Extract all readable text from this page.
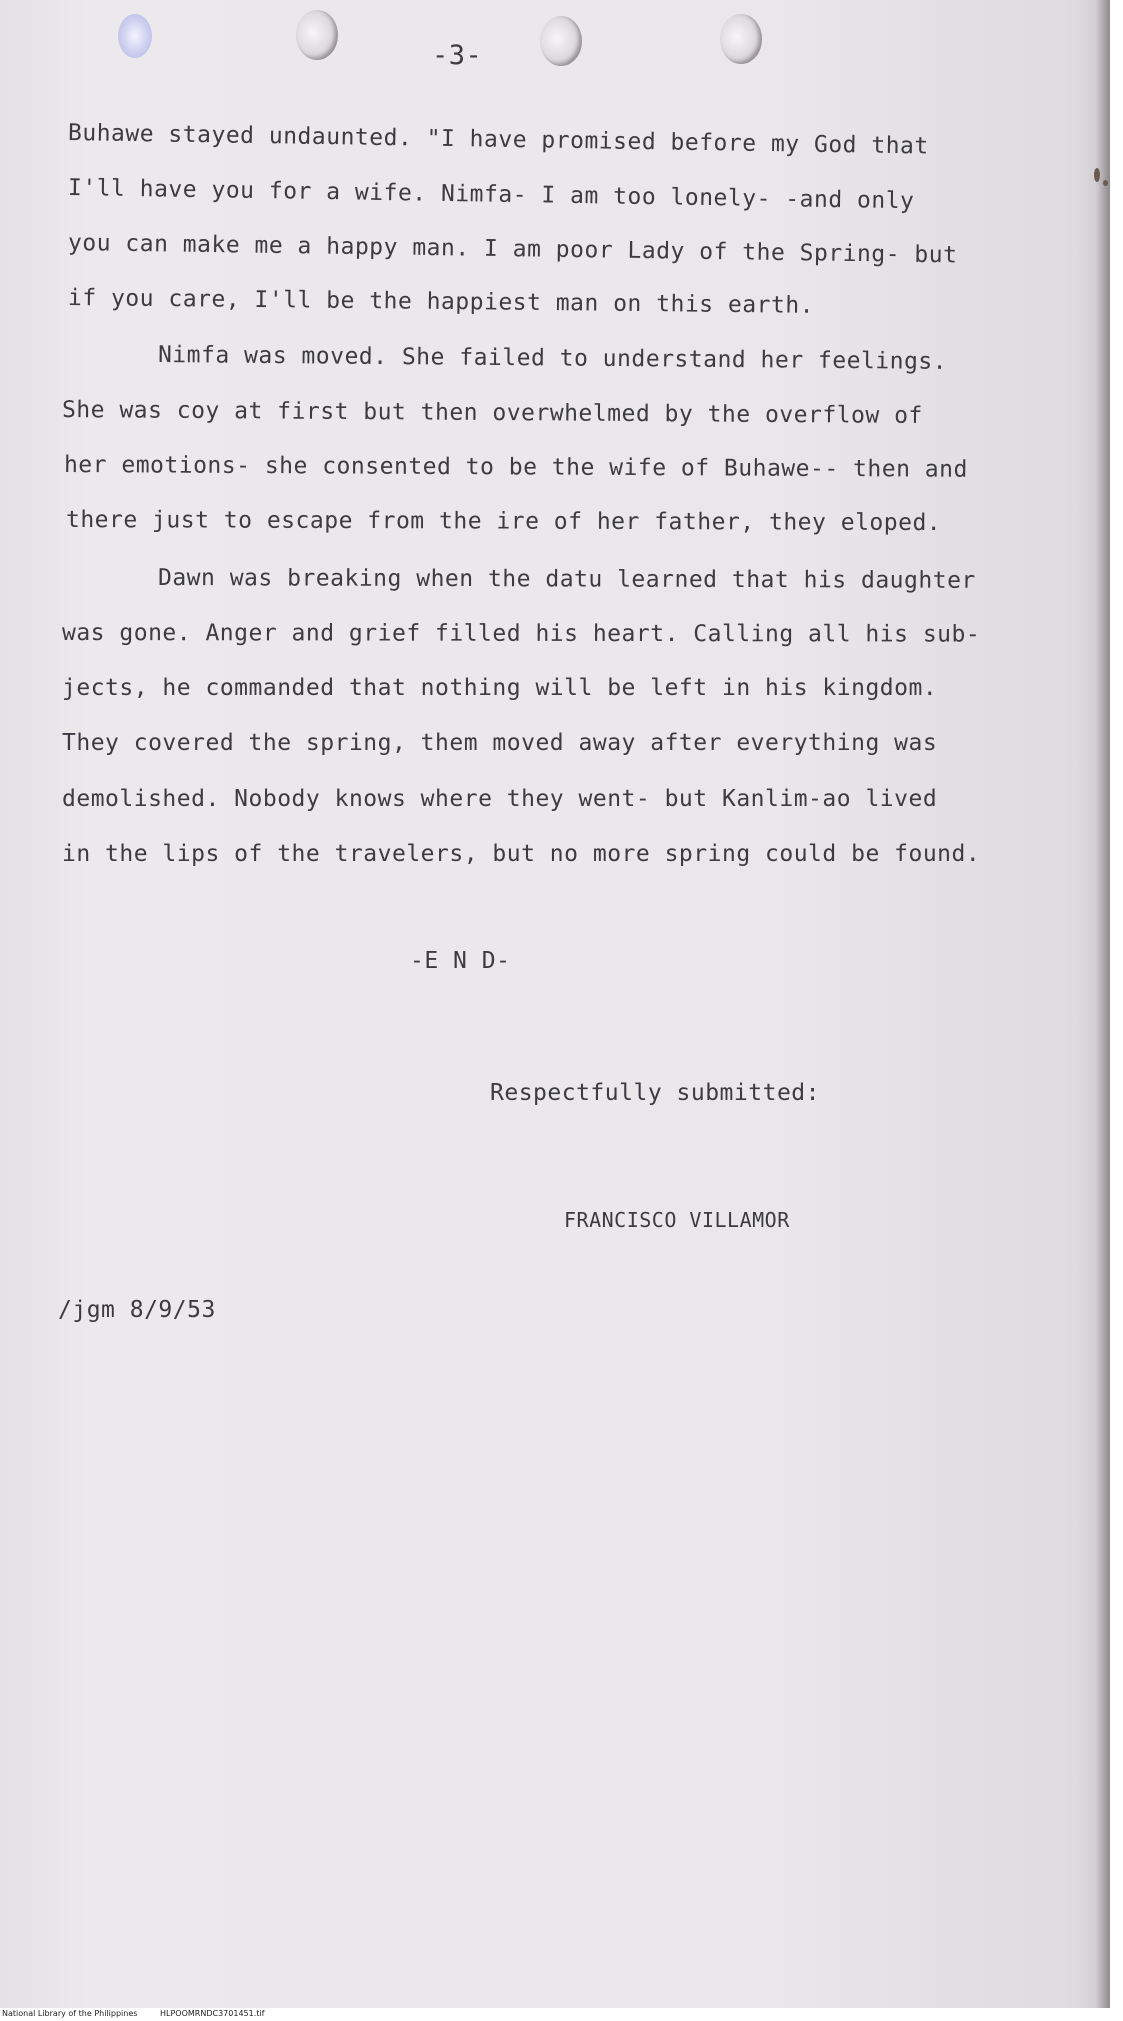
-3-

Buhawe stayed undaunted. "I have promised before my God that

I'll have you for a wife. Nimfa- I am too lonely- -and only

you can make me a happy man. I am poor Lady of the Spring- but

if you care, I'll be the happiest man on this earth.

Nimfa was moved. She failed to understand her feelings.

She was coy at first but then overwhelmed by the overflow of

her emotions- she consented to be the wife of Buhawe-- then and

there just to escape from the ire of her father, they eloped.

Dawn was breaking when the datu learned that his daughter

was gone. Anger and grief filled his heart. Calling all his sub-

jects, he commanded that nothing will be left in his kingdom.

They covered the spring, them moved away after everything was

demolished. Nobody knows where they went- but Kanlim-ao lived

in the lips of the travelers, but no more spring could be found.

-E N D-

Respectfully submitted:

FRANCISCO VILLAMOR

/jgm 8/9/53

National Library of the Philippines	HLPOOMRNDC3701451.tif
